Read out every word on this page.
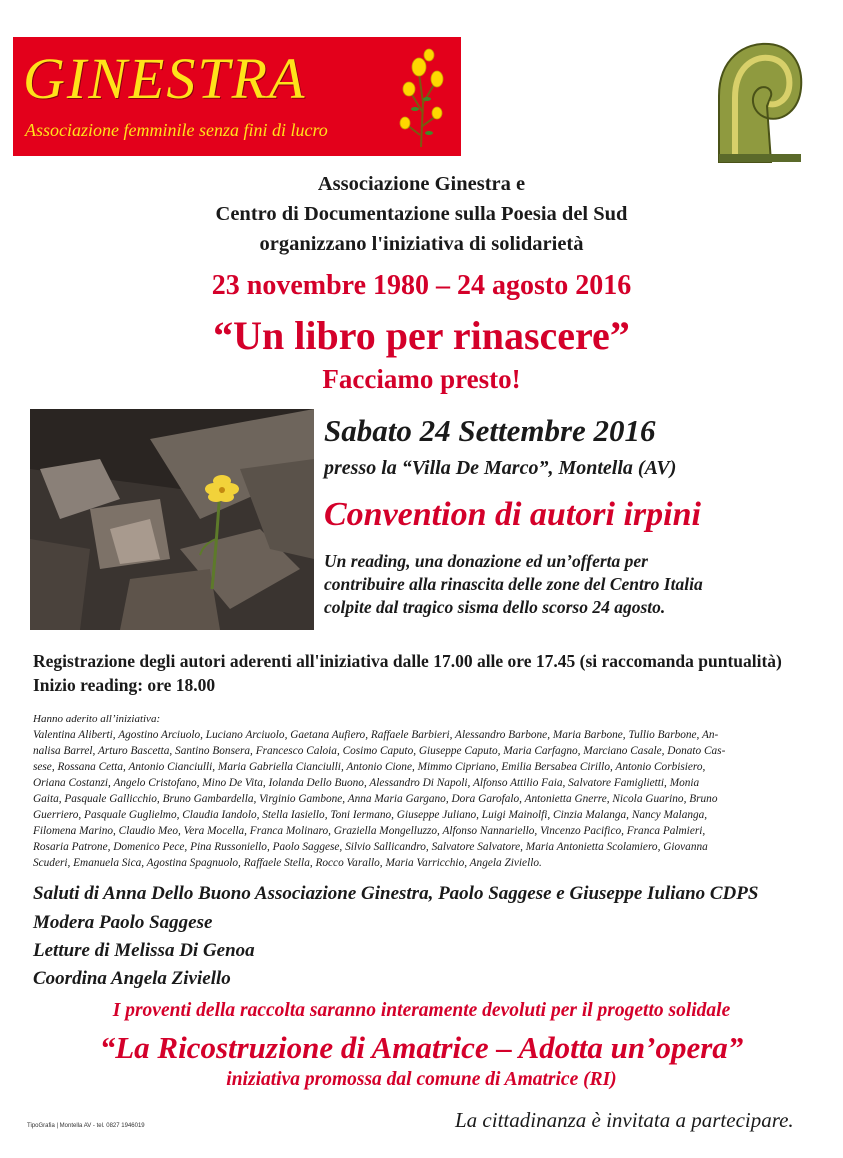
GINESTRA
Associazione femminile senza fini di lucro
Associazione Ginestra e
Centro di Documentazione sulla Poesia del Sud
organizzano l'iniziativa di solidarietà
23 novembre 1980 – 24 agosto 2016
“Un libro per rinascere”
Facciamo presto!
Sabato 24 Settembre 2016
presso la “Villa De Marco”, Montella (AV)
Convention di autori irpini
Un reading, una donazione ed un’offerta per
contribuire alla rinascita delle zone del Centro Italia
colpite dal tragico sisma dello scorso 24 agosto.
Registrazione degli autori aderenti all'iniziativa dalle 17.00 alle ore 17.45 (si raccomanda puntualità)
Inizio reading: ore 18.00
Hanno aderito all’iniziativa:
Valentina Aliberti, Agostino Arciuolo, Luciano Arciuolo, Gaetana Aufiero, Raffaele Barbieri, Alessandro Barbone, Maria Barbone, Tullio Barbone, An-
nalisa Barrel, Arturo Bascetta, Santino Bonsera, Francesco Caloia, Cosimo Caputo, Giuseppe Caputo, Maria Carfagno, Marciano Casale, Donato Cas-
sese, Rossana Cetta, Antonio Cianciulli, Maria Gabriella Cianciulli, Antonio Cione, Mimmo Cipriano, Emilia Bersabea Cirillo, Antonio Corbisiero,
Oriana Costanzi, Angelo Cristofano, Mino De Vita, Iolanda Dello Buono, Alessandro Di Napoli, Alfonso Attilio Faia, Salvatore Famiglietti, Monia
Gaita, Pasquale Gallicchio, Bruno Gambardella, Virginio Gambone, Anna Maria Gargano, Dora Garofalo, Antonietta Gnerre, Nicola Guarino, Bruno
Guerriero, Pasquale Guglielmo, Claudia Iandolo, Stella Iasiello, Toni Iermano, Giuseppe Juliano, Luigi Mainolfi, Cinzia Malanga, Nancy Malanga,
Filomena Marino, Claudio Meo, Vera Mocella, Franca Molinaro, Graziella Mongelluzzo, Alfonso Nannariello, Vincenzo Pacifico, Franca Palmieri,
Rosaria Patrone, Domenico Pece, Pina Russoniello, Paolo Saggese, Silvio Sallicandro, Salvatore Salvatore, Maria Antonietta Scolamiero, Giovanna
Scuderi, Emanuela Sica, Agostina Spagnuolo, Raffaele Stella, Rocco Varallo, Maria Varricchio, Angela Ziviello.
Saluti di Anna Dello Buono Associazione Ginestra, Paolo Saggese e Giuseppe Iuliano CDPS
Modera Paolo Saggese
Letture di Melissa Di Genoa
Coordina Angela Ziviello
I proventi della raccolta saranno interamente devoluti per il progetto solidale
“La Ricostruzione di Amatrice – Adotta un’opera”
iniziativa promossa dal comune di Amatrice (RI)
TipoGrafia | Montella AV - tel. 0827 1946019	La cittadinanza è invitata a partecipare.
